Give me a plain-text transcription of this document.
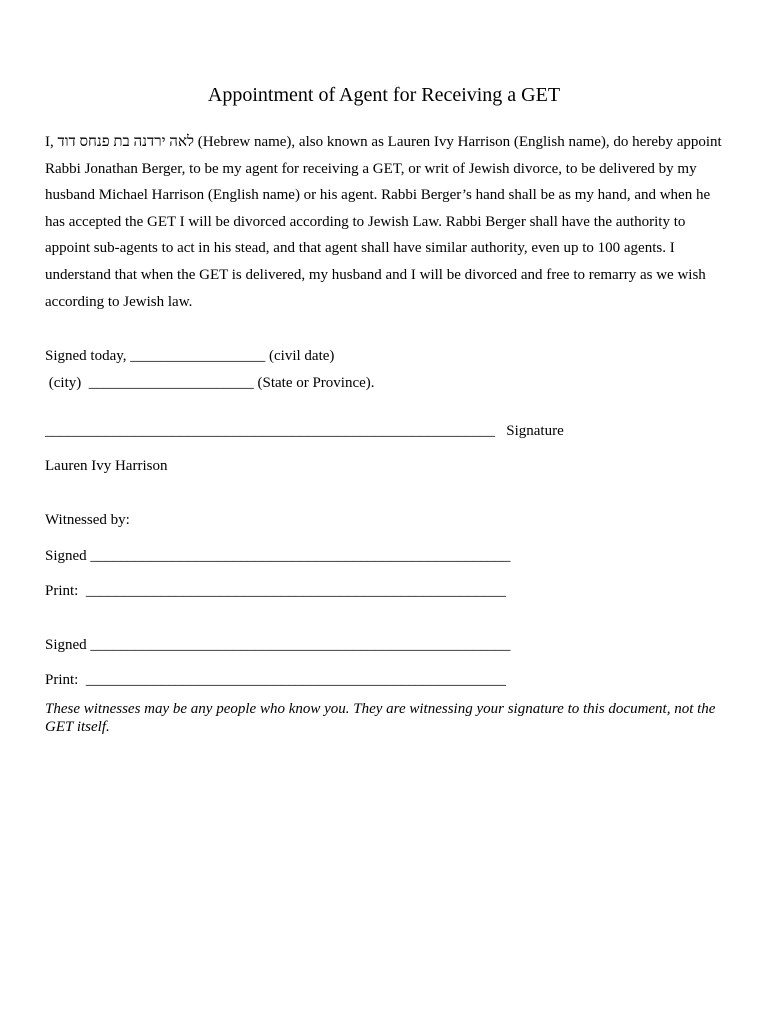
Appointment of Agent for Receiving a GET
I, לאה ירדנה בת פנחס דוד (Hebrew name), also known as Lauren Ivy Harrison (English name), do hereby appoint Rabbi Jonathan Berger, to be my agent for receiving a GET, or writ of Jewish divorce, to be delivered by my husband Michael Harrison (English name) or his agent. Rabbi Berger’s hand shall be as my hand, and when he has accepted the GET I will be divorced according to Jewish Law. Rabbi Berger shall have the authority to appoint sub-agents to act in his stead, and that agent shall have similar authority, even up to 100 agents. I understand that when the GET is delivered, my husband and I will be divorced and free to remarry as we wish according to Jewish law.
Signed today, __________________ (civil date)
(city)  ______________________ (State or Province).
____________________________________________________________   Signature
Lauren Ivy Harrison
Witnessed by:
Signed ________________________________________________________
Print:  ________________________________________________________
Signed ________________________________________________________
Print:  ________________________________________________________
These witnesses may be any people who know you. They are witnessing your signature to this document, not the GET itself.
